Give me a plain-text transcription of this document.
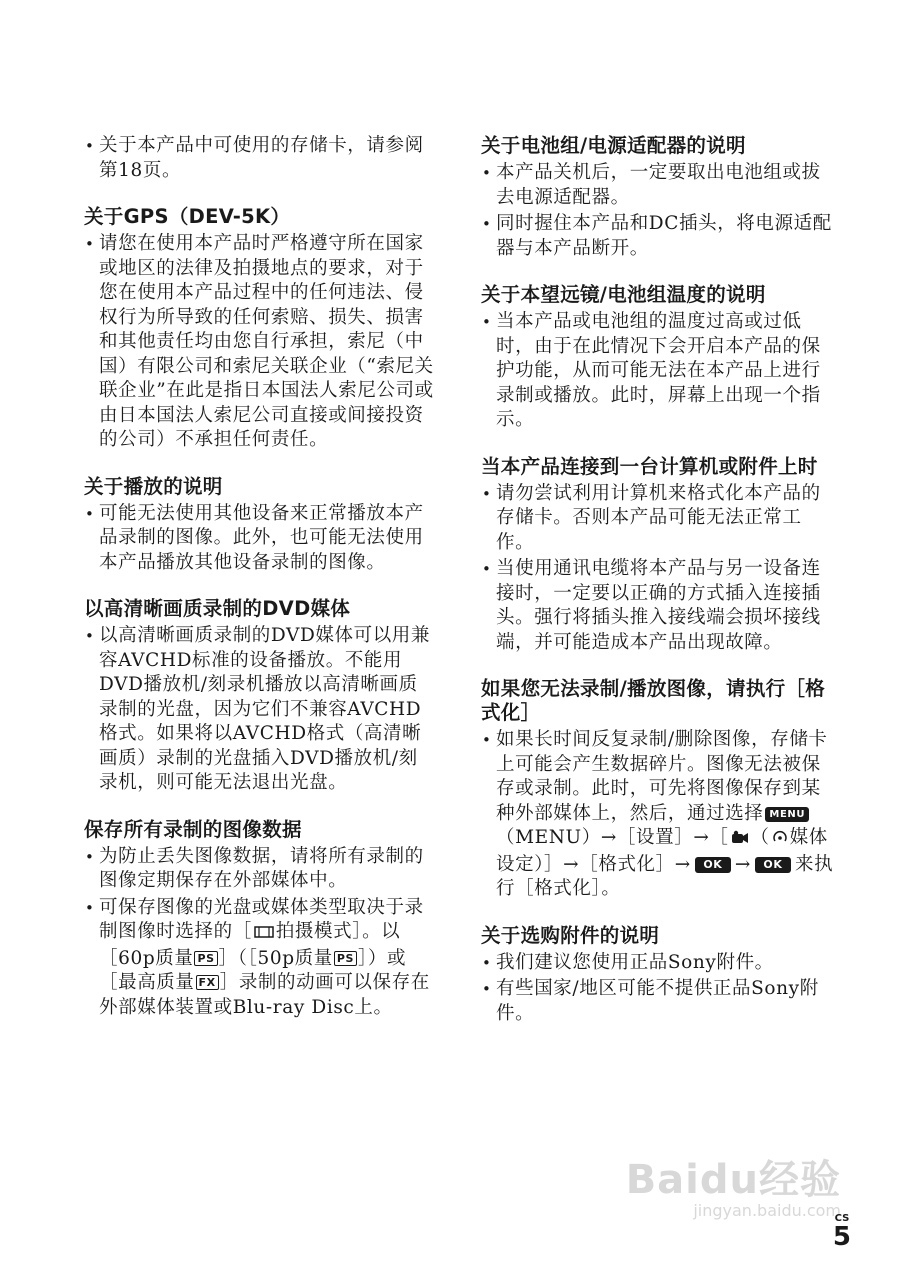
• 关于本产品中可使用的存储卡，请参阅第18页。
关于GPS（DEV-5K）
• 请您在使用本产品时严格遵守所在国家或地区的法律及拍摄地点的要求，对于您在使用本产品过程中的任何违法、侵权行为所导致的任何索赔、损失、损害和其他责任均由您自行承担，索尼（中国）有限公司和索尼关联企业（“索尼关联企业”在此是指日本国法人索尼公司或由日本国法人索尼公司直接或间接投资的公司）不承担任何责任。
关于播放的说明
• 可能无法使用其他设备来正常播放本产品录制的图像。此外，也可能无法使用本产品播放其他设备录制的图像。
以高清晰画质录制的DVD媒体
• 以高清晰画质录制的DVD媒体可以用兼容AVCHD标准的设备播放。不能用DVD播放机/刻录机播放以高清晰画质录制的光盘，因为它们不兼容AVCHD格式。如果将以AVCHD格式（高清晰画质）录制的光盘插入DVD播放机/刻录机，则可能无法退出光盘。
保存所有录制的图像数据
• 为防止丢失图像数据，请将所有录制的图像定期保存在外部媒体中。
• 可保存图像的光盘或媒体类型取决于录制图像时选择的［ 拍摄模式］。以［60p质量 PS ］（［50p质量 PS ］）或［最高质量 FX ］录制的动画可以保存在外部媒体装置或Blu-ray Disc上。
关于电池组/电源适配器的说明
• 本产品关机后，一定要取出电池组或拔去电源适配器。
• 同时握住本产品和DC插头，将电源适配器与本产品断开。
关于本望远镜/电池组温度的说明
• 当本产品或电池组的温度过高或过低时，由于在此情况下会开启本产品的保护功能，从而可能无法在本产品上进行录制或播放。此时，屏幕上出现一个指示。
当本产品连接到一台计算机或附件上时
• 请勿尝试利用计算机来格式化本产品的存储卡。否则本产品可能无法正常工作。
• 当使用通讯电缆将本产品与另一设备连接时，一定要以正确的方式插入连接插头。强行将插头推入接线端会损坏接线端，并可能造成本产品出现故障。
如果您无法录制/播放图像，请执行［格式化］
• 如果长时间反复录制/删除图像，存储卡上可能会产生数据碎片。图像无法被保存或录制。此时，可先将图像保存到某种外部媒体上，然后，通过选择 MENU（MENU）→［设置］→［ （ 媒体设定）］→［格式化］→ OK → OK 来执行［格式化］。
关于选购附件的说明
• 我们建议您使用正品Sony附件。
• 有些国家/地区可能不提供正品Sony附件。
Baidu经验
jingyan.baidu.com
CS
5
